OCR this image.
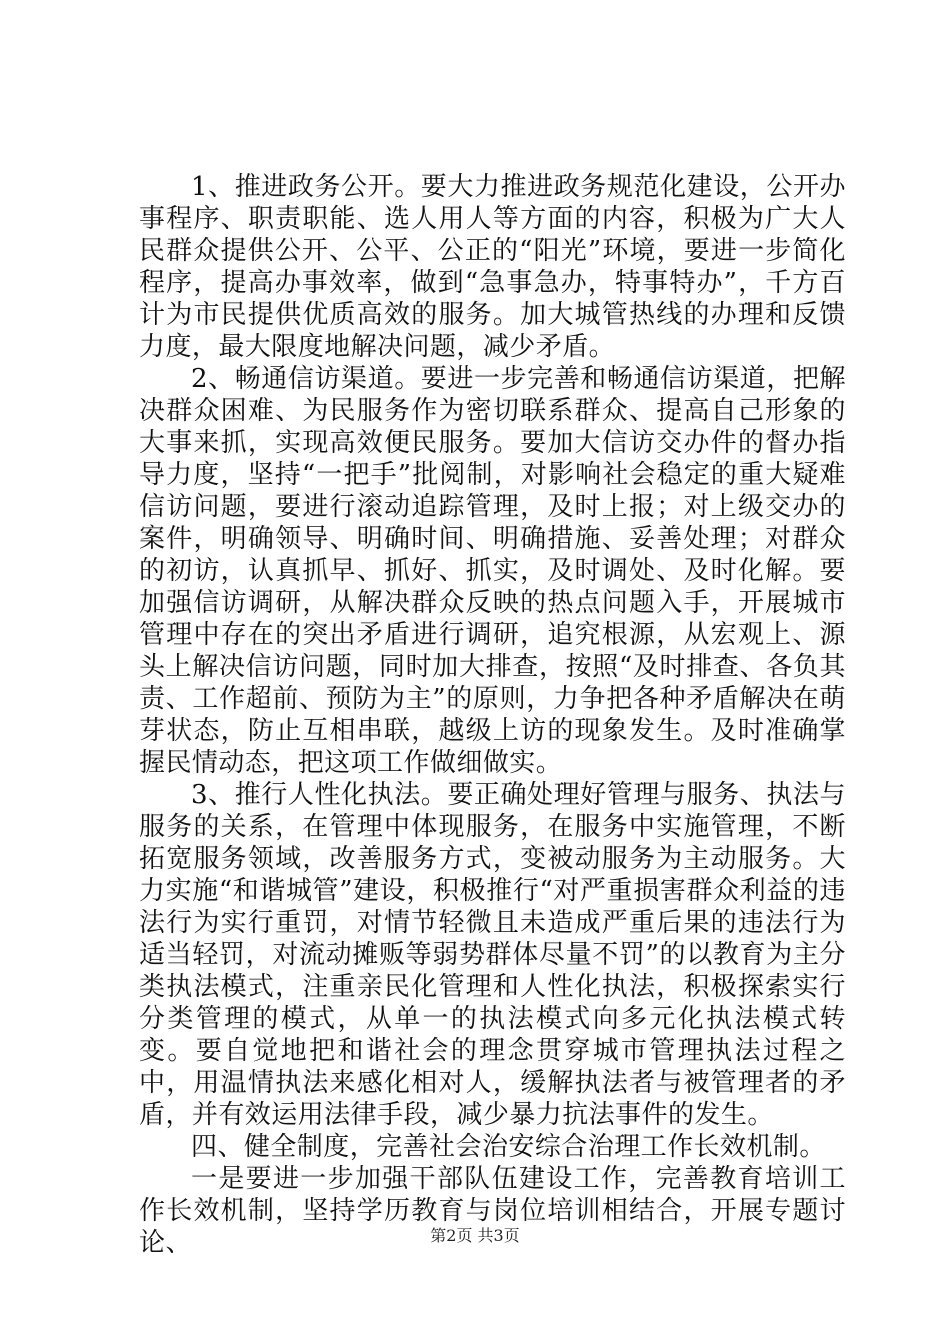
1、推进政务公开。要大力推进政务规范化建设，公开办事程序、职责职能、选人用人等方面的内容，积极为广大人民群众提供公开、公平、公正的“阳光”环境，要进一步简化程序，提高办事效率，做到“急事急办，特事特办”，千方百计为市民提供优质高效的服务。加大城管热线的办理和反馈力度，最大限度地解决问题，减少矛盾。

2、畅通信访渠道。要进一步完善和畅通信访渠道，把解决群众困难、为民服务作为密切联系群众、提高自己形象的大事来抓，实现高效便民服务。要加大信访交办件的督办指导力度，坚持“一把手”批阅制，对影响社会稳定的重大疑难信访问题，要进行滚动追踪管理，及时上报；对上级交办的案件，明确领导、明确时间、明确措施、妥善处理；对群众的初访，认真抓早、抓好、抓实，及时调处、及时化解。要加强信访调研，从解决群众反映的热点问题入手，开展城市管理中存在的突出矛盾进行调研，追究根源，从宏观上、源头上解决信访问题，同时加大排查，按照“及时排查、各负其责、工作超前、预防为主”的原则，力争把各种矛盾解决在萌芽状态，防止互相串联，越级上访的现象发生。及时准确掌握民情动态，把这项工作做细做实。

3、推行人性化执法。要正确处理好管理与服务、执法与服务的关系，在管理中体现服务，在服务中实施管理，不断拓宽服务领域，改善服务方式，变被动服务为主动服务。大力实施“和谐城管”建设，积极推行“对严重损害群众利益的违法行为实行重罚，对情节轻微且未造成严重后果的违法行为适当轻罚，对流动摊贩等弱势群体尽量不罚”的以教育为主分类执法模式，注重亲民化管理和人性化执法，积极探索实行分类管理的模式，从单一的执法模式向多元化执法模式转变。要自觉地把和谐社会的理念贯穿城市管理执法过程之中，用温情执法来感化相对人，缓解执法者与被管理者的矛盾，并有效运用法律手段，减少暴力抗法事件的发生。

四、健全制度，完善社会治安综合治理工作长效机制。

一是要进一步加强干部队伍建设工作，完善教育培训工作长效机制，坚持学历教育与岗位培训相结合，开展专题讨论、	第2页 共3页
